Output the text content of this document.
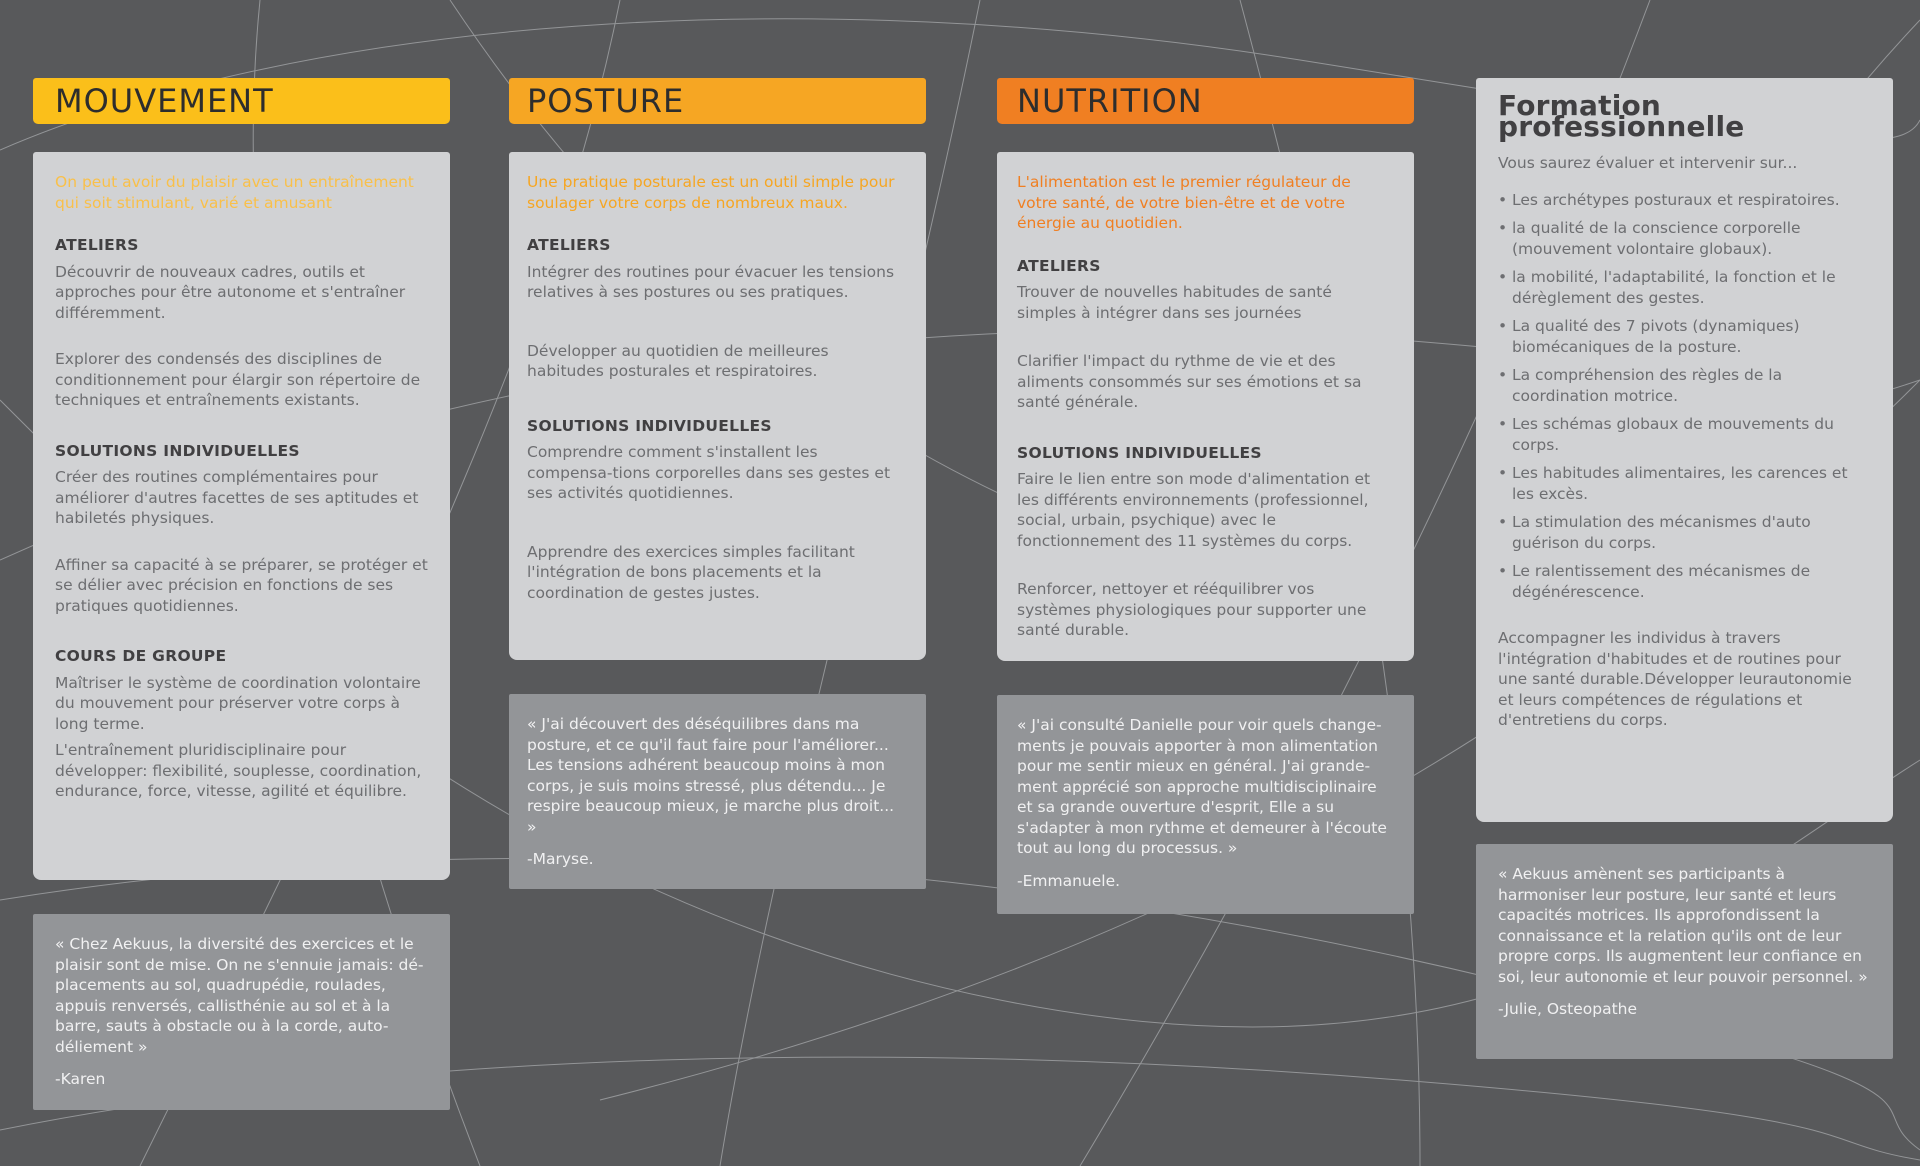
MOUVEMENT

On peut avoir du plaisir avec un entraînement qui soit stimulant, varié et amusant

ATELIERS

Découvrir de nouveaux cadres, outils et approches pour être autonome et s'entraîner différemment.

Explorer des condensés des disciplines de conditionnement pour élargir son répertoire de techniques et entraînements existants.

SOLUTIONS INDIVIDUELLES

Créer des routines complémentaires pour améliorer d'autres facettes de ses aptitudes et habiletés physiques.

Affiner sa capacité à se préparer, se protéger et se délier avec précision en fonctions de ses pratiques quotidiennes.

COURS DE GROUPE

Maîtriser le système de coordination volontaire du mouvement pour préserver votre corps à long terme.

L'entraînement pluridisciplinaire pour développer: flexibilité, souplesse, coordination, endurance, force, vitesse, agilité et équilibre.

« Chez Aekuus, la diversité des exercices et le plaisir sont de mise. On ne s'ennuie jamais: dé-placements au sol, quadrupédie, roulades, appuis renversés, callisthénie au sol et à la barre, sauts à obstacle ou à la corde, auto-déliement »
-Karen
POSTURE

Une pratique posturale est un outil simple pour soulager votre corps de nombreux maux.

ATELIERS

Intégrer des routines pour évacuer les tensions relatives à ses postures ou ses pratiques.

Développer au quotidien de meilleures habitudes posturales et respiratoires.

SOLUTIONS INDIVIDUELLES

Comprendre comment s'installent les compensa-tions corporelles dans ses gestes et ses activités quotidiennes.

Apprendre des exercices simples facilitant l'intégration de bons placements et la coordination de gestes justes.

« J'ai découvert des déséquilibres dans ma posture, et ce qu'il faut faire pour l'améliorer... Les tensions adhérent beaucoup moins à mon corps, je suis moins stressé, plus détendu... Je respire beaucoup mieux, je marche plus droit... »
-Maryse.
NUTRITION

L'alimentation est le premier régulateur de votre santé, de votre bien-être et de votre énergie au quotidien.

ATELIERS

Trouver de nouvelles habitudes de santé simples à intégrer dans ses journées

Clarifier l'impact du rythme de vie et des aliments consommés sur ses émotions et sa santé générale.

SOLUTIONS INDIVIDUELLES

Faire le lien entre son mode d'alimentation et les différents environnements (professionnel, social, urbain, psychique) avec le fonctionnement des 11 systèmes du corps.

Renforcer, nettoyer et rééquilibrer vos systèmes physiologiques pour supporter une santé durable.

« J'ai consulté Danielle pour voir quels change-ments je pouvais apporter à mon alimentation pour me sentir mieux en général. J'ai grande-ment apprécié son approche multidisciplinaire et sa grande ouverture d'esprit, Elle a su s'adapter à mon rythme et demeurer à l'écoute tout au long du processus. »
-Emmanuele.

Formation professionnelle

Vous saurez évaluer et intervenir sur...

• Les archétypes posturaux et respiratoires.
• la qualité de la conscience corporelle (mouvement volontaire globaux).
• la mobilité, l'adaptabilité, la fonction et le dérèglement des gestes.
• La qualité des 7 pivots (dynamiques) biomécaniques de la posture.
• La compréhension des règles de la coordination motrice.
• Les schémas globaux de mouvements du corps.
• Les habitudes alimentaires, les carences et les excès.
• La stimulation des mécanismes d'auto guérison du corps.
• Le ralentissement des mécanismes de dégénérescence.

Accompagner les individus à travers l'intégration d'habitudes et de routines pour une santé durable.Développer leurautonomie et leurs compétences de régulations et d'entretiens du corps.

« Aekuus amènent ses participants à harmoniser leur posture, leur santé et leurs capacités motrices. Ils approfondissent la connaissance et la relation qu'ils ont de leur propre corps. Ils augmentent leur confiance en soi, leur autonomie et leur pouvoir personnel. »
-Julie, Osteopathe
